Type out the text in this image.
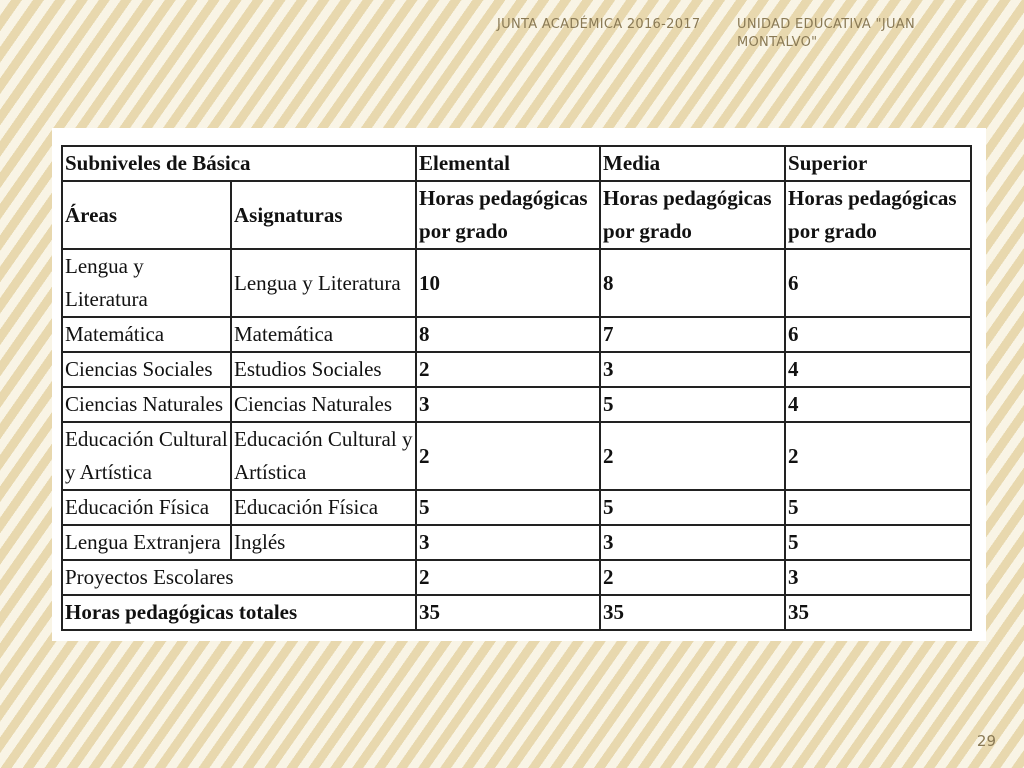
JUNTA ACADÉMICA 2016-2017	UNIDAD EDUCATIVA "JUAN MONTALVO"
Subniveles de Básica		Elemental	Media	Superior
Áreas	Asignaturas	Horas pedagógicas por grado	Horas pedagógicas por grado	Horas pedagógicas por grado
Lengua y Literatura	Lengua y Literatura	10	8	6
Matemática	Matemática	8	7	6
Ciencias Sociales	Estudios Sociales	2	3	4
Ciencias Naturales	Ciencias Naturales	3	5	4
Educación Cultural y Artística	Educación Cultural y Artística	2	2	2
Educación Física	Educación Física	5	5	5
Lengua Extranjera	Inglés	3	3	5
Proyectos Escolares		2	2	3
Horas pedagógicas totales		35	35	35
29
